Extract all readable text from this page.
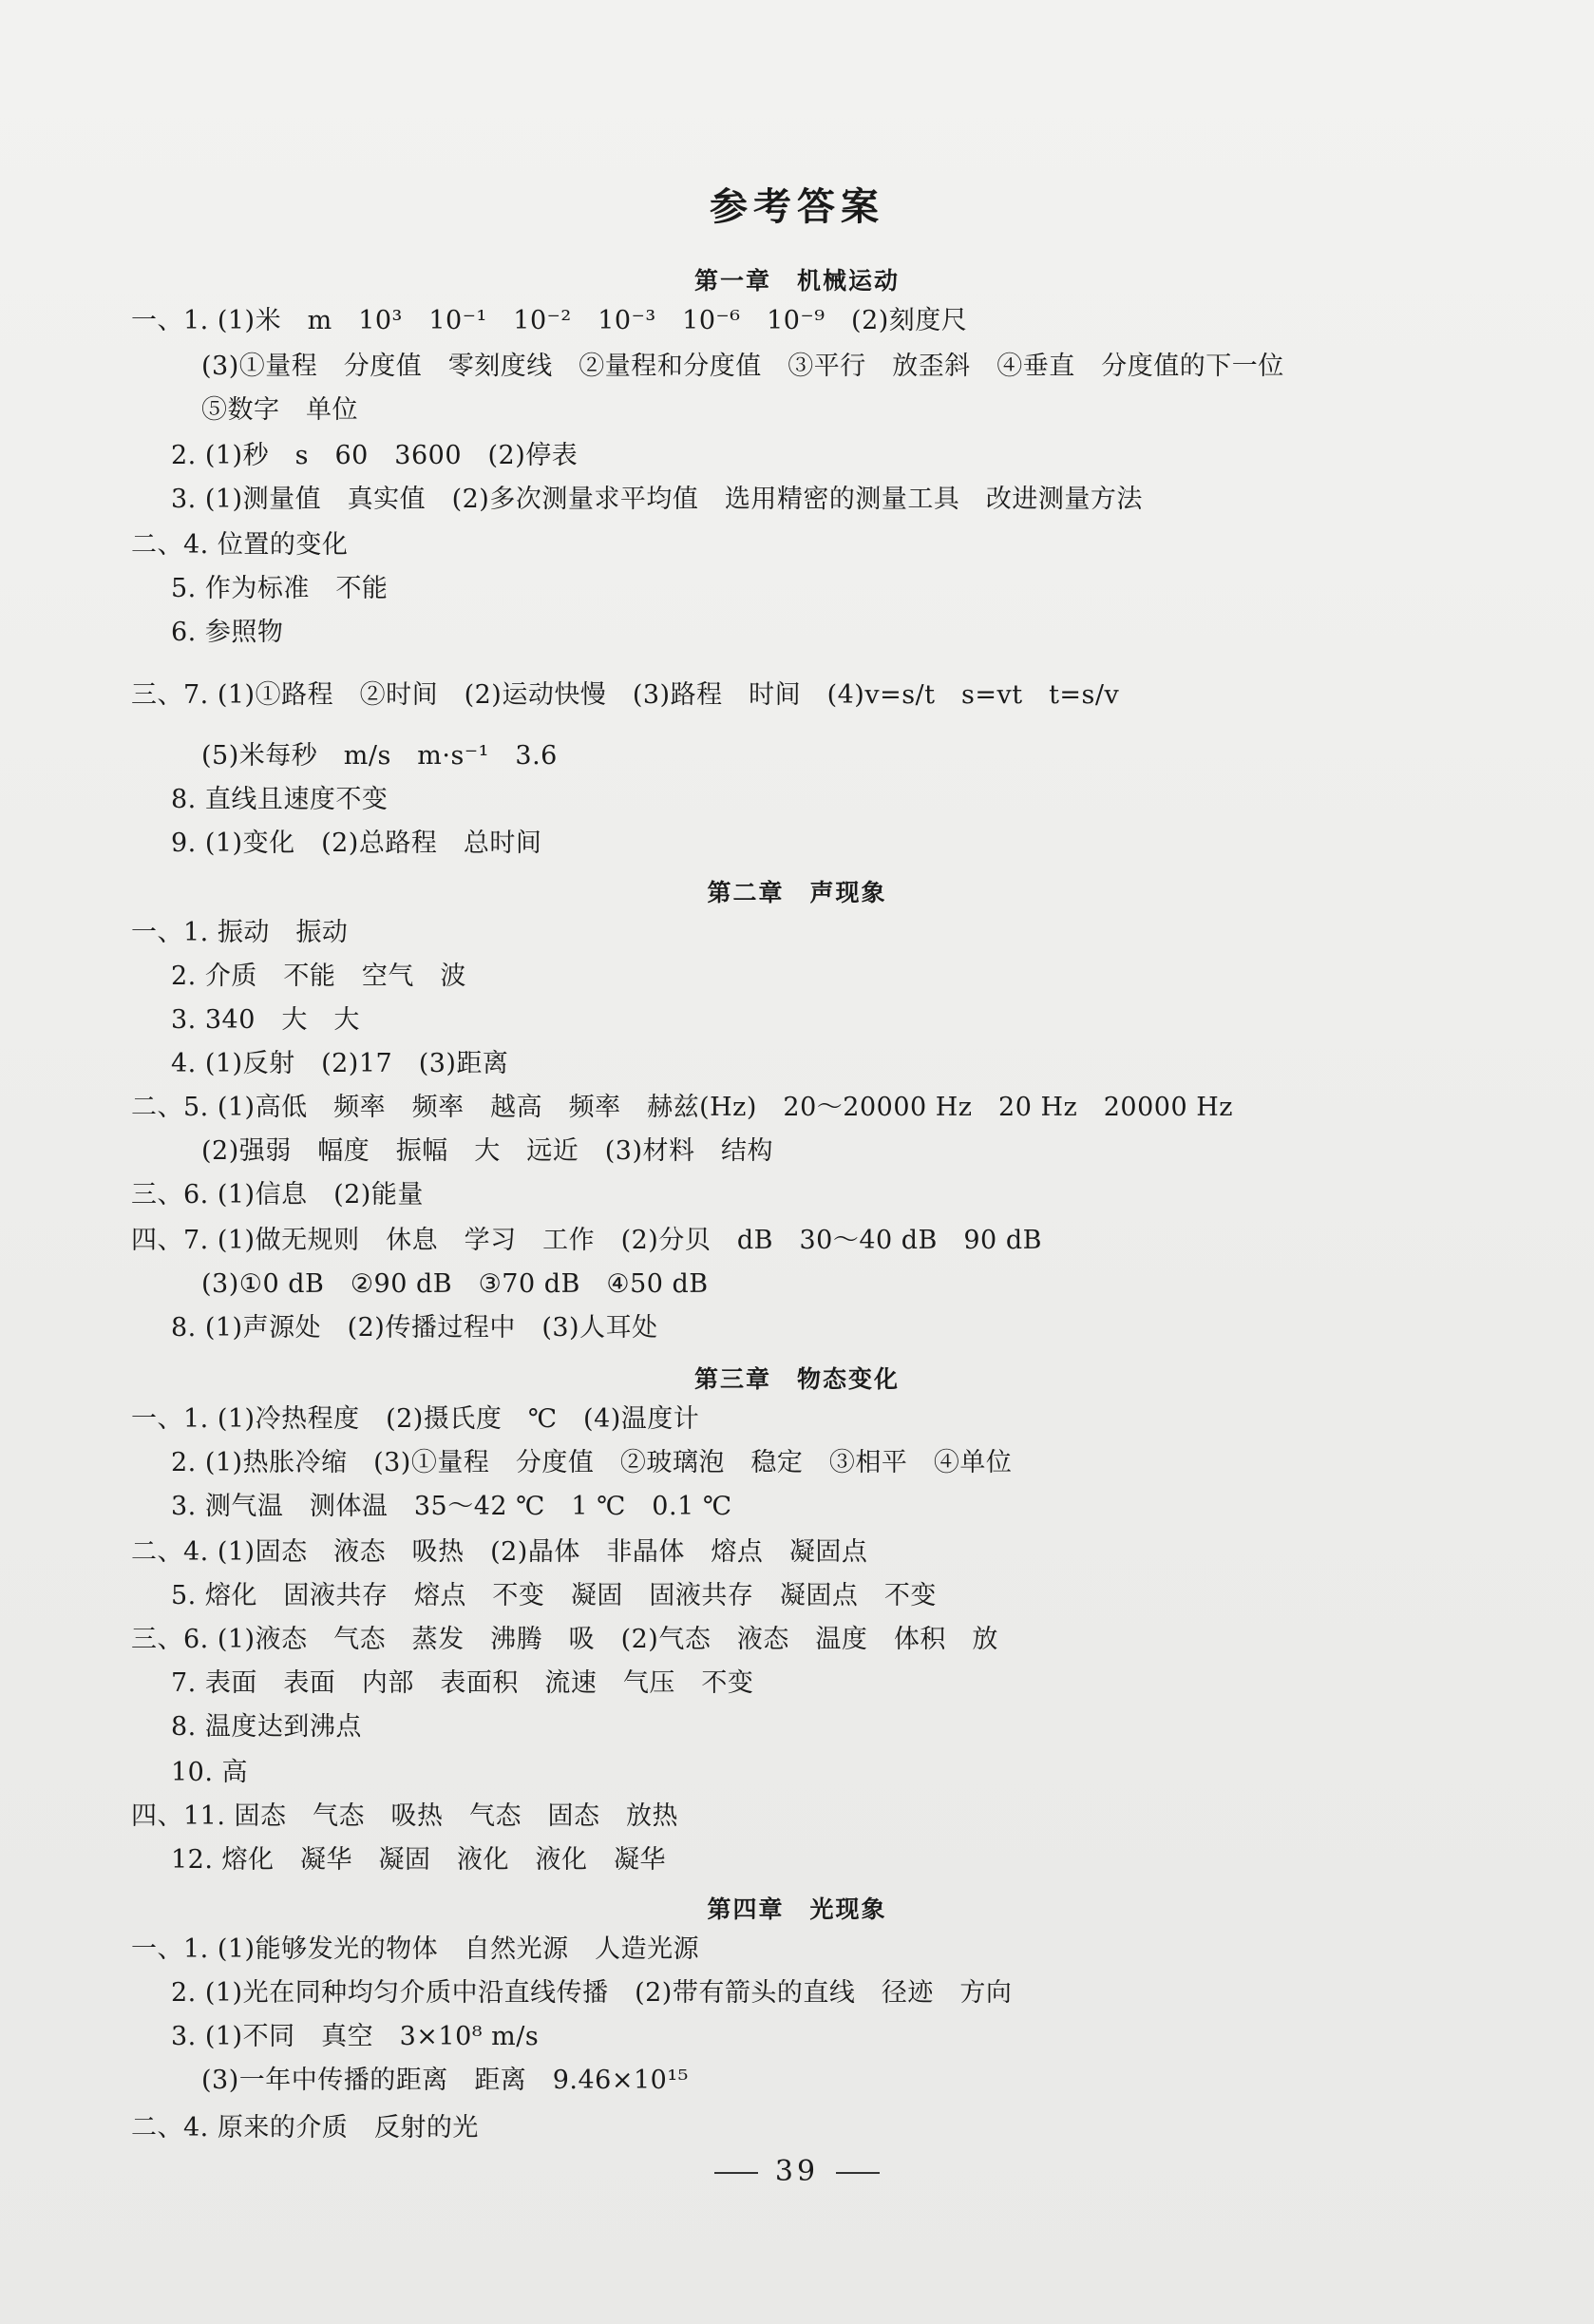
参考答案
第一章　机械运动
一、1. (1)米　m　10³　10⁻¹　10⁻²　10⁻³　10⁻⁶　10⁻⁹　(2)刻度尺
(3)①量程　分度值　零刻度线　②量程和分度值　③平行　放歪斜　④垂直　分度值的下一位
⑤数字　单位
2. (1)秒　s　60　3600　(2)停表
3. (1)测量值　真实值　(2)多次测量求平均值　选用精密的测量工具　改进测量方法
二、4. 位置的变化
5. 作为标准　不能
6. 参照物
三、7. (1)①路程　②时间　(2)运动快慢　(3)路程　时间　(4)v=s/t　s=vt　t=s/v
(5)米每秒　m/s　m·s⁻¹　3.6
8. 直线且速度不变
9. (1)变化　(2)总路程　总时间
第二章　声现象
一、1. 振动　振动
2. 介质　不能　空气　波
3. 340　大　大
4. (1)反射　(2)17　(3)距离
二、5. (1)高低　频率　频率　越高　频率　赫兹(Hz)　20～20000 Hz　20 Hz　20000 Hz
(2)强弱　幅度　振幅　大　远近　(3)材料　结构
三、6. (1)信息　(2)能量
四、7. (1)做无规则　休息　学习　工作　(2)分贝　dB　30～40 dB　90 dB
(3)①0 dB　②90 dB　③70 dB　④50 dB
8. (1)声源处　(2)传播过程中　(3)人耳处
第三章　物态变化
一、1. (1)冷热程度　(2)摄氏度　℃　(4)温度计
2. (1)热胀冷缩　(3)①量程　分度值　②玻璃泡　稳定　③相平　④单位
3. 测气温　测体温　35～42 ℃　1 ℃　0.1 ℃
二、4. (1)固态　液态　吸热　(2)晶体　非晶体　熔点　凝固点
5. 熔化　固液共存　熔点　不变　凝固　固液共存　凝固点　不变
三、6. (1)液态　气态　蒸发　沸腾　吸　(2)气态　液态　温度　体积　放
7. 表面　表面　内部　表面积　流速　气压　不变
8. 温度达到沸点
10. 高
四、11. 固态　气态　吸热　气态　固态　放热
12. 熔化　凝华　凝固　液化　液化　凝华
第四章　光现象
一、1. (1)能够发光的物体　自然光源　人造光源
2. (1)光在同种均匀介质中沿直线传播　(2)带有箭头的直线　径迹　方向
3. (1)不同　真空　3×10⁸ m/s
(3)一年中传播的距离　距离　9.46×10¹⁵
二、4. 原来的介质　反射的光
39
